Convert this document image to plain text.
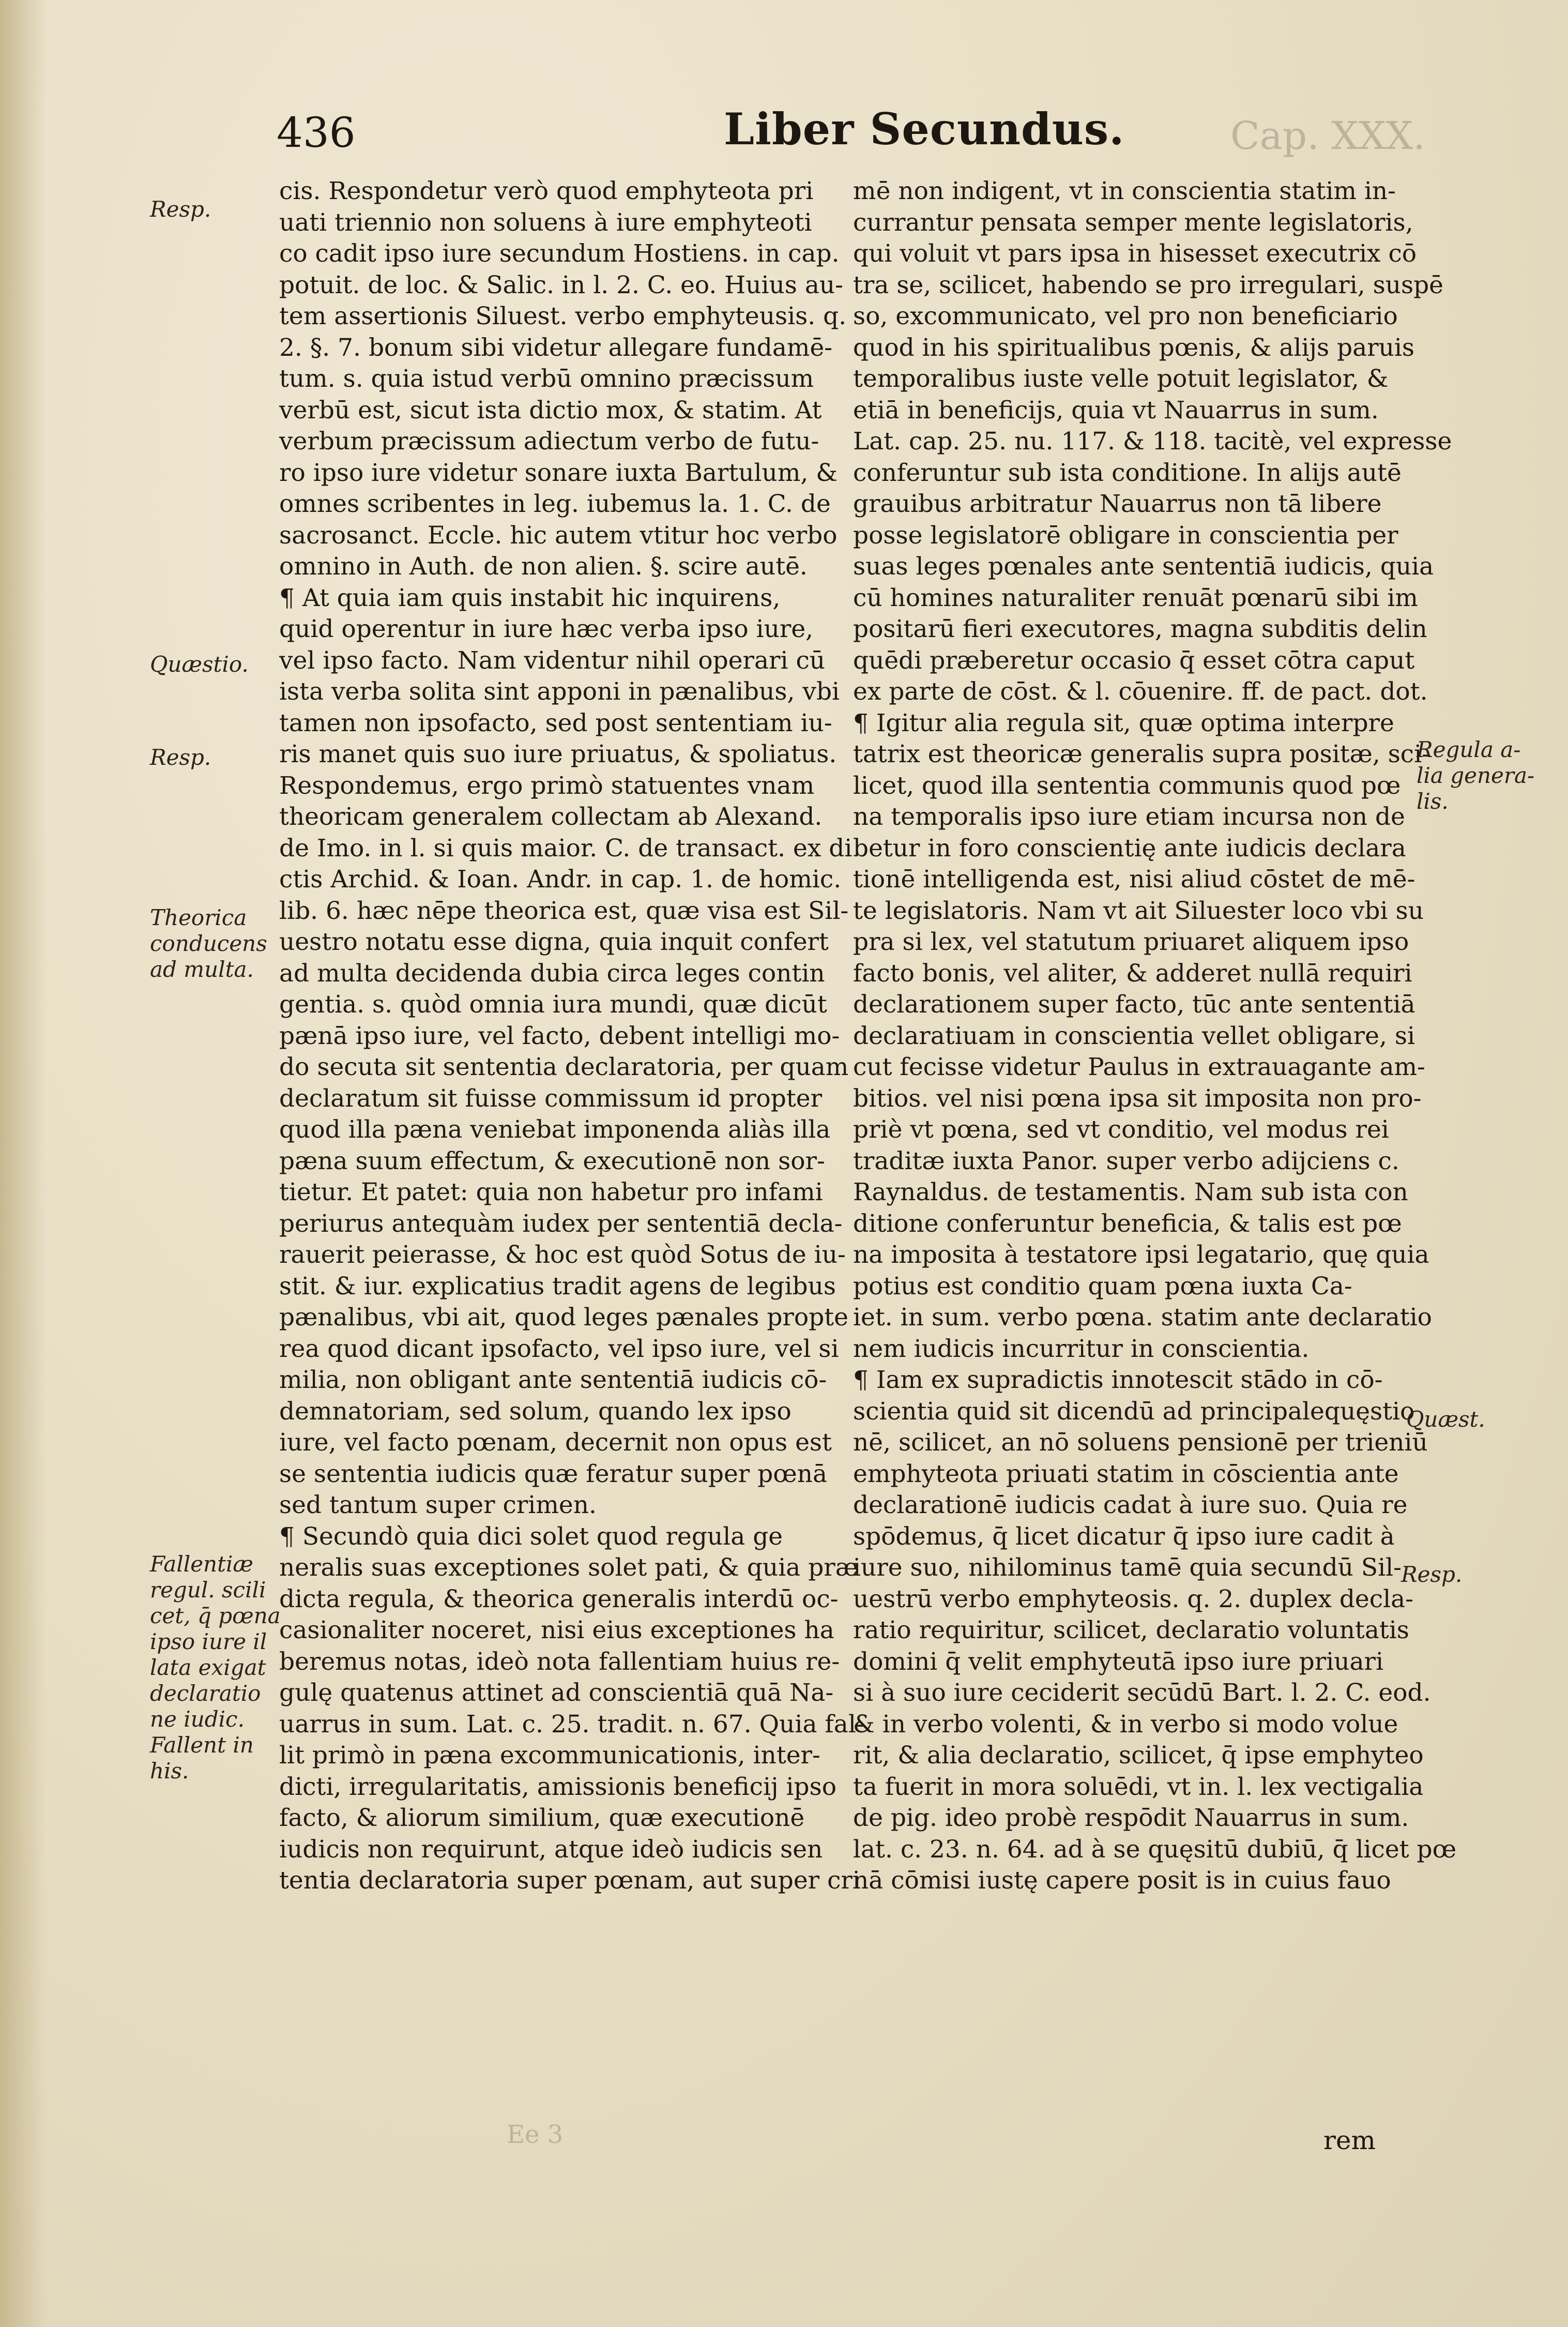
436	Liber Secundus.	Cap. XXX.
cis. Respondetur verò quod emphyteota pri
uati triennio non soluens à iure emphyteoti
co cadit ipso iure secundum Hostiens. in cap.
potuit. de loc. & Salic. in l. 2. C. eo. Huius au-
tem assertionis Siluest. verbo emphyteusis. q.
2. §. 7. bonum sibi videtur allegare fundamē-
tum. s. quia istud verbū omnino præcissum
verbū est, sicut ista dictio mox, & statim. At
verbum præcissum adiectum verbo de futu-
ro ipso iure videtur sonare iuxta Bartulum, &
omnes scribentes in leg. iubemus la. 1. C. de
sacrosanct. Eccle. hic autem vtitur hoc verbo
omnino in Auth. de non alien. §. scire autē.
¶ At quia iam quis instabit hic inquirens,
quid operentur in iure hæc verba ipso iure,
vel ipso facto. Nam videntur nihil operari cū
ista verba solita sint apponi in pænalibus, vbi
tamen non ipsofacto, sed post sententiam iu-
ris manet quis suo iure priuatus, & spoliatus.
Respondemus, ergo primò statuentes vnam
theoricam generalem collectam ab Alexand.
de Imo. in l. si quis maior. C. de transact. ex di
ctis Archid. & Ioan. Andr. in cap. 1. de homic.
lib. 6. hæc nēpe theorica est, quæ visa est Sil-
uestro notatu esse digna, quia inquit confert
ad multa decidenda dubia circa leges contin
gentia. s. quòd omnia iura mundi, quæ dicūt
pænā ipso iure, vel facto, debent intelligi mo-
do secuta sit sententia declaratoria, per quam
declaratum sit fuisse commissum id propter
quod illa pæna veniebat imponenda aliàs illa
pæna suum effectum, & executionē non sor-
tietur. Et patet: quia non habetur pro infami
periurus antequàm iudex per sententiā decla-
rauerit peierasse, & hoc est quòd Sotus de iu-
stit. & iur. explicatius tradit agens de legibus
pænalibus, vbi ait, quod leges pænales propte
rea quod dicant ipsofacto, vel ipso iure, vel si
milia, non obligant ante sententiā iudicis cō-
demnatoriam, sed solum, quando lex ipso
iure, vel facto pœnam, decernit non opus est
se sententia iudicis quæ feratur super pœnā
sed tantum super crimen.
¶ Secundò quia dici solet quod regula ge
neralis suas exceptiones solet pati, & quia præ
dicta regula, & theorica generalis interdū oc-
casionaliter noceret, nisi eius exceptiones ha
beremus notas, ideò nota fallentiam huius re-
gulę quatenus attinet ad conscientiā quā Na-
uarrus in sum. Lat. c. 25. tradit. n. 67. Quia fal-
lit primò in pæna excommunicationis, inter-
dicti, irregularitatis, amissionis beneficij ipso
facto, & aliorum similium, quæ executionē
iudicis non requirunt, atque ideò iudicis sen
tentia declaratoria super pœnam, aut super cri
mē non indigent, vt in conscientia statim in-
currantur pensata semper mente legislatoris,
qui voluit vt pars ipsa in hisesset executrix cō
tra se, scilicet, habendo se pro irregulari, suspē
so, excommunicato, vel pro non beneficiario
quod in his spiritualibus pœnis, & alijs paruis
temporalibus iuste velle potuit legislator, &
etiā in beneficijs, quia vt Nauarrus in sum.
Lat. cap. 25. nu. 117. & 118. tacitè, vel expresse
conferuntur sub ista conditione. In alijs autē
grauibus arbitratur Nauarrus non tā libere
posse legislatorē obligare in conscientia per
suas leges pœnales ante sententiā iudicis, quia
cū homines naturaliter renuāt pœnarū sibi im
positarū fieri executores, magna subditis delin
quēdi præberetur occasio q̄ esset cōtra caput
ex parte de cōst. & l. cōuenire. ff. de pact. dot.
¶ Igitur alia regula sit, quæ optima interpre
tatrix est theoricæ generalis supra positæ, sci-
licet, quod illa sententia communis quod pœ
na temporalis ipso iure etiam incursa non de
betur in foro conscientię ante iudicis declara
tionē intelligenda est, nisi aliud cōstet de mē-
te legislatoris. Nam vt ait Siluester loco vbi su
pra si lex, vel statutum priuaret aliquem ipso
facto bonis, vel aliter, & adderet nullā requiri
declarationem super facto, tūc ante sententiā
declaratiuam in conscientia vellet obligare, si
cut fecisse videtur Paulus in extrauagante am-
bitios. vel nisi pœna ipsa sit imposita non pro-
priè vt pœna, sed vt conditio, vel modus rei
traditæ iuxta Panor. super verbo adijciens c.
Raynaldus. de testamentis. Nam sub ista con
ditione conferuntur beneficia, & talis est pœ
na imposita à testatore ipsi legatario, quę quia
potius est conditio quam pœna iuxta Ca-
iet. in sum. verbo pœna. statim ante declaratio
nem iudicis incurritur in conscientia.
¶ Iam ex supradictis innotescit stādo in cō-
scientia quid sit dicendū ad principalequęstio
nē, scilicet, an nō soluens pensionē per trieniū
emphyteota priuati statim in cōscientia ante
declarationē iudicis cadat à iure suo. Quia re
spōdemus, q̄ licet dicatur q̄ ipso iure cadit à
iure suo, nihilominus tamē quia secundū Sil-
uestrū verbo emphyteosis. q. 2. duplex decla-
ratio requiritur, scilicet, declaratio voluntatis
domini q̄ velit emphyteutā ipso iure priuari
si à suo iure ceciderit secūdū Bart. l. 2. C. eod.
& in verbo volenti, & in verbo si modo volue
rit, & alia declaratio, scilicet, q̄ ipse emphyteo
ta fuerit in mora soluēdi, vt in. l. lex vectigalia
de pig. ideo probè respōdit Nauarrus in sum.
lat. c. 23. n. 64. ad à se quęsitū dubiū, q̄ licet pœ
nā cōmisi iustę capere posit is in cuius fauo
Resp.
Quæstio.
Resp.
Theorica
conducens
ad multa.
Fallentiæ
regul. scili
cet, q̄ pœna
ipso iure il
lata exigat
declaratio
ne iudic.
Fallent in
his.
Regula a-
lia genera-
lis.
Quæst.
Resp.
rem
Ee 3
